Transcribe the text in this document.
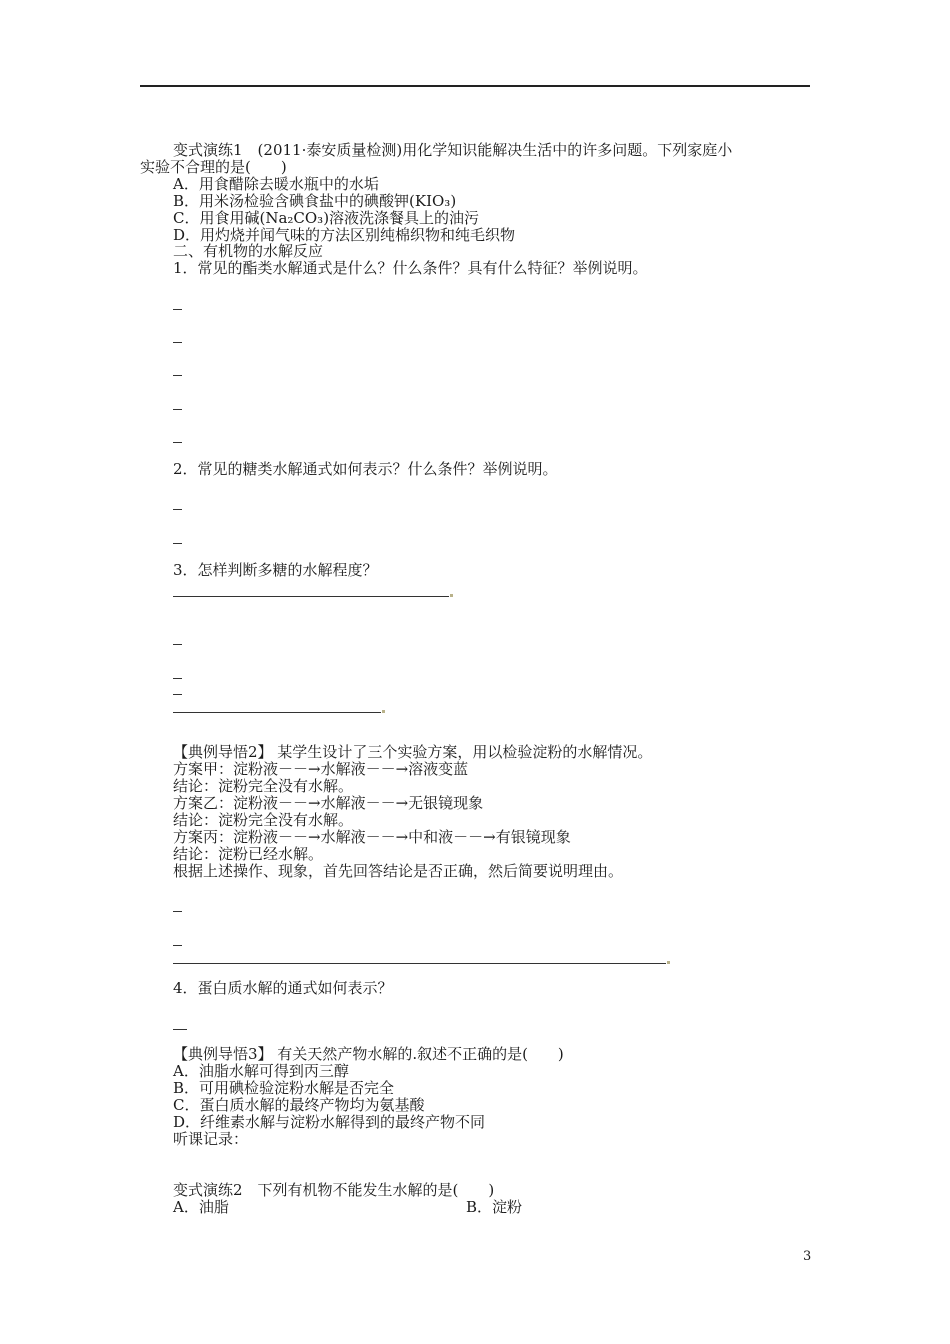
变式演练1　(2011·泰安质量检测)用化学知识能解决生活中的许多问题。下列家庭小
实验不合理的是(　　)
A．用食醋除去暖水瓶中的水垢
B．用米汤检验含碘食盐中的碘酸钾(KIO₃)
C．用食用碱(Na₂CO₃)溶液洗涤餐具上的油污
D．用灼烧并闻气味的方法区别纯棉织物和纯毛织物
二、有机物的水解反应
1．常见的酯类水解通式是什么？什么条件？具有什么特征？举例说明。
2．常见的糖类水解通式如何表示？什么条件？举例说明。
3．怎样判断多糖的水解程度？
【典例导悟2】 某学生设计了三个实验方案，用以检验淀粉的水解情况。
方案甲：淀粉液－－→水解液－－→溶液变蓝
结论：淀粉完全没有水解。
方案乙：淀粉液－－→水解液－－→无银镜现象
结论：淀粉完全没有水解。
方案丙：淀粉液－－→水解液－－→中和液－－→有银镜现象
结论：淀粉已经水解。
根据上述操作、现象，首先回答结论是否正确，然后简要说明理由。
4．蛋白质水解的通式如何表示？
【典例导悟3】 有关天然产物水解的.叙述不正确的是(　　)
A．油脂水解可得到丙三醇
B．可用碘检验淀粉水解是否完全
C．蛋白质水解的最终产物均为氨基酸
D．纤维素水解与淀粉水解得到的最终产物不同
听课记录：
变式演练2　下列有机物不能发生水解的是(　　)
A．油脂	B．淀粉
3
